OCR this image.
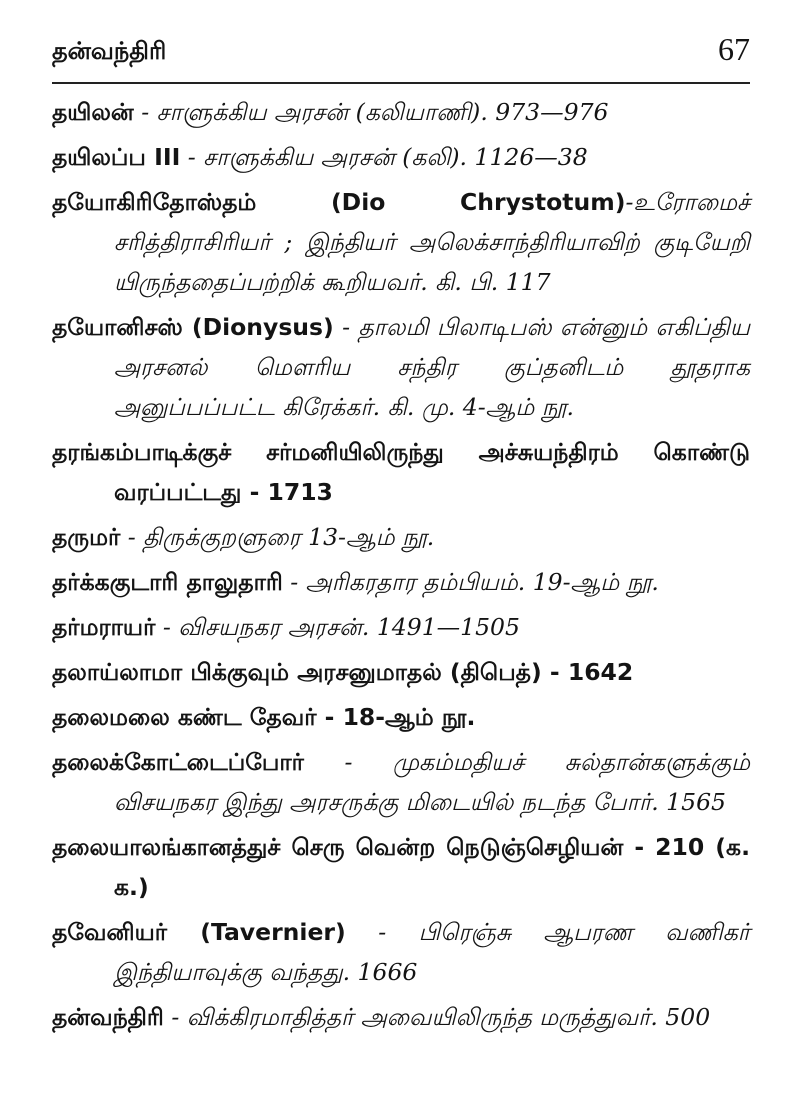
தன்வந்திரி	67
தயிலன் - சாளுக்கிய அரசன் (கலியாணி). 973—976
தயிலப்ப III - சாளுக்கிய அரசன் (கலி). 1126—38
தயோகிரிதோஸ்தம் (Dio Chrystotum)-உரோமைச் சரித்திராசிரியர் ; இந்தியர் அலெக்சாந்திரியாவிற் குடியேறி யிருந்ததைப்பற்றிக் கூறியவர். கி. பி. 117
தயோனிசஸ் (Dionysus) - தாலமி பிலாடிபஸ் என்னும் எகிப்திய அரசனல் மௌரிய சந்திர குப்தனிடம் தூதராக அனுப்பப்பட்ட கிரேக்கர். கி. மு. 4-ஆம் நூ.
தரங்கம்பாடிக்குச் சர்மனியிலிருந்து அச்சுயந்திரம் கொண்டு வரப்பட்டது - 1713
தருமர் - திருக்குறளுரை 13-ஆம் நூ.
தர்க்ககுடாரி தாலுதாரி - அரிகரதார தம்பியம். 19-ஆம் நூ.
தர்மராயர் - விசயநகர அரசன். 1491—1505
தலாய்லாமா பிக்குவும் அரசனுமாதல் (திபெத்) - 1642
தலைமலை கண்ட தேவர் - 18-ஆம் நூ.
தலைக்கோட்டைப்போர் - முகம்மதியச் சுல்தான்களுக்கும் விசயநகர இந்து அரசருக்கு மிடையில் நடந்த போர். 1565
தலையாலங்கானத்துச் செரு வென்ற நெடுஞ்செழியன் - 210 (க. க.)
தவேனியர் (Tavernier) - பிரெஞ்சு ஆபரண வணிகர் இந்தியாவுக்கு வந்தது. 1666
தன்வந்திரி - விக்கிரமாதித்தர் அவையிலிருந்த மருத்துவர். 500
